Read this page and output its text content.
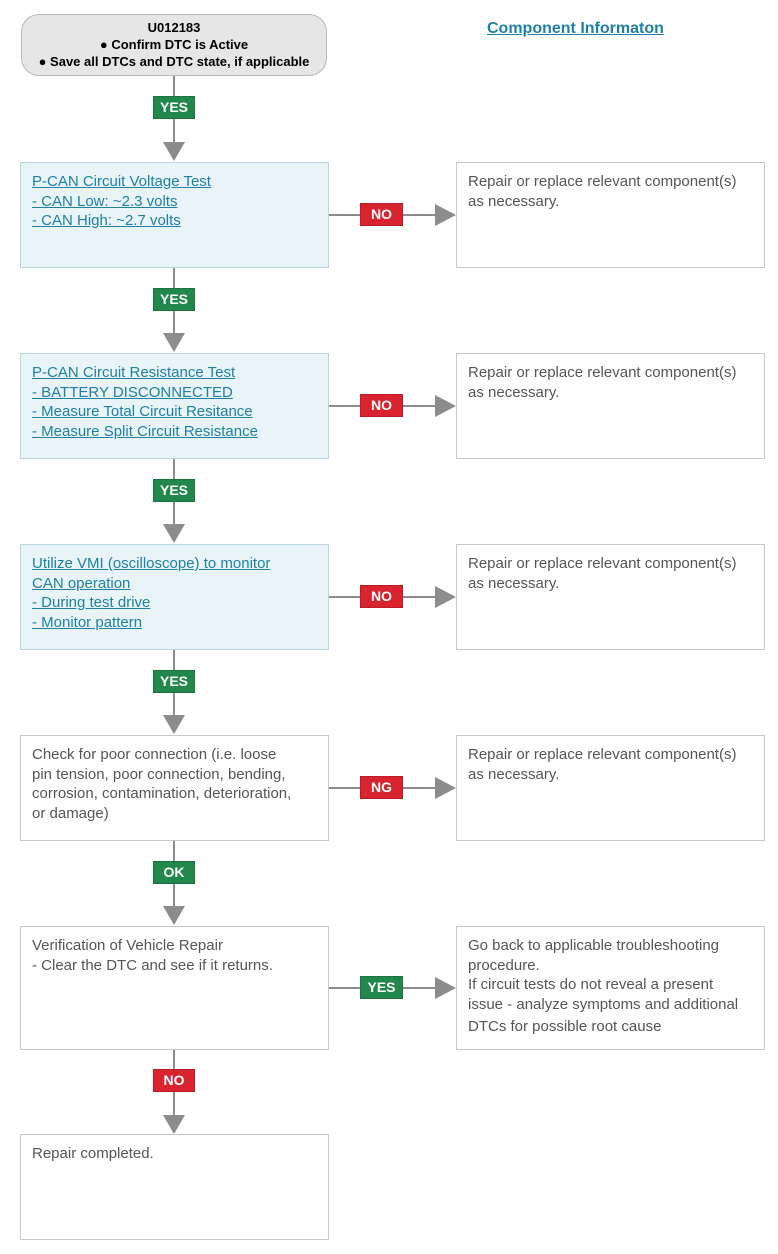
U012183
● Confirm DTC is Active
● Save all DTCs and DTC state, if applicable
Component Informaton
YES
P-CAN Circuit Voltage Test
- CAN Low: ~2.3 volts
- CAN High: ~2.7 volts	NO
Repair or replace relevant component(s)
as necessary.
YES
P-CAN Circuit Resistance Test
- BATTERY DISCONNECTED
- Measure Total Circuit Resitance
- Measure Split Circuit Resistance
NO
Repair or replace relevant component(s)
as necessary.
YES
Utilize VMI (oscilloscope) to monitor
CAN operation
- During test drive
- Monitor pattern
NO
Repair or replace relevant component(s)
as necessary.
YES
Check for poor connection (i.e. loose
pin tension, poor connection, bending,
corrosion, contamination, deterioration,
or damage)
NG
Repair or replace relevant component(s)
as necessary.
OK
Verification of Vehicle Repair
- Clear the DTC and see if it returns.
YES
Go back to applicable troubleshooting
procedure.
If circuit tests do not reveal a present
issue - analyze symptoms and additional
DTCs for possible root cause
NO
Repair completed.
